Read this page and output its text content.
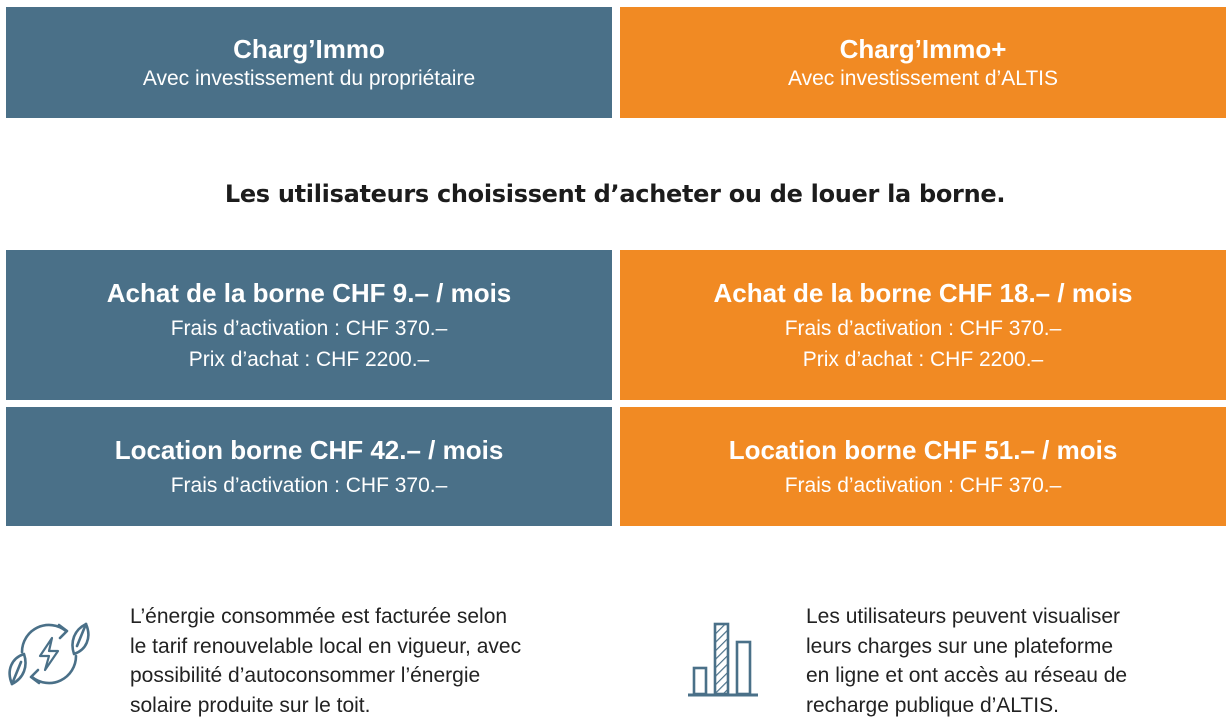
Charg’Immo
Avec investissement du propriétaire
Charg’Immo+
Avec investissement d’ALTIS
Les utilisateurs choisissent d’acheter ou de louer la borne.
Achat de la borne CHF 9.– / mois
Frais d’activation : CHF 370.–
Prix d’achat : CHF 2200.–
Achat de la borne CHF 18.– / mois
Frais d’activation : CHF 370.–
Prix d’achat : CHF 2200.–
Location borne CHF 42.– / mois
Frais d’activation : CHF 370.–
Location borne CHF 51.– / mois
Frais d’activation : CHF 370.–
L’énergie consommée est facturée selon
le tarif renouvelable local en vigueur, avec
possibilité d’autoconsommer l’énergie
solaire produite sur le toit.
Les utilisateurs peuvent visualiser
leurs charges sur une plateforme
en ligne et ont accès au réseau de
recharge publique d’ALTIS.
